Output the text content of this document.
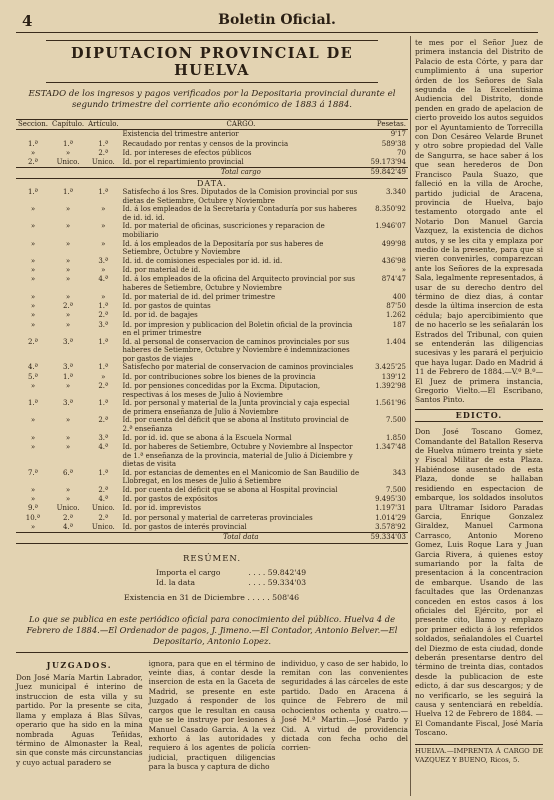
4	Boletin Oficial.
DIPUTACION PROVINCIAL DE HUELVA
ESTADO de los ingresos y pagos verificados por la Depositaria provincial durante el segundo trimestre del corriente año económico de 1883 á 1884.
Seccion.	Capítulo.	Artículo.	CARGO.	Pesetas.
			Existencia del trimestre anterior	9'17
1.ª	1.ª	1.ª	Recaudado por rentas y censos de la provincia	589'38
»	»	2.ª	Id. por intereses de efectos públicos	70
2.ª	Unico.	Unico.	Id. por el repartimiento provincial	59.173'94
			Total cargo	59.842'49
DATA.				
1.ª	1.ª	1.ª	Satisfecho á los Sres. Diputados de la Comision provincial por sus dietas de Setiembre, Octubre y Noviembre	3.340
»	»	»	Id. á los empleados de la Secretaría y Contaduría por sus haberes de id. id. id.	8.350'92
»	»	»	Id. por material de oficinas, suscriciones y reparacion de mobiliario	1.946'07
»	»	»	Id. á los empleados de la Depositaría por sus haberes de Setiembre, Octubre y Noviembre	499'98
»	»	3.ª	Id. id. de comisiones especiales por id. id. id.	436'98
»	»	»	Id. por material de id.	»
»	»	4.ª	Id. á los empleados de la oficina del Arquitecto provincial por sus haberes de Setiembre, Octubre y Noviembre	874'47
»	»	»	Id. por material de id. del primer trimestre	400
»	2.ª	1.ª	Id. por gastos de quintas	87'50
»	»	2.ª	Id. por id. de bagajes	1.262
»	»	3.ª	Id. por impresion y publicacion del Boletin oficial de la provincia en el primer trimestre	187
2.ª	3.ª	1.ª	Id. al personal de conservacion de caminos provinciales por sus haberes de Setiembre, Octubre y Noviembre é indemnizaciones por gastos de viajes	1.404
4.ª	3.ª	1.ª	Satisfecho por material de conservacion de caminos provinciales	3.425'25
5.ª	1.ª	»	Id. por contribuciones sobre los bienes de la provincia	139'12
»	»	2.ª	Id. por pensiones concedidas por la Excma. Diputacion, respectivas á los meses de Julio á Noviembre	1.392'98
1.ª	3.ª	1.ª	Id. por personal y material de la Junta provincial y caja especial de primera enseñanza de Julio á Noviembre	1.561'96
»	»	2.ª	Id. por cuenta del déficit que se abona al Instituto provincial de 2.ª enseñanza	7.500
»	»	3.ª	Id. por id. id. que se abona á la Escuela Normal	1.850
»	»	4.ª	Id. por haberes de Setiembre, Octubre y Noviembre al Inspector de 1.ª enseñanza de la provincia, material de Julio á Diciembre y dietas de visita	1.347'48
7.ª	6.ª	1.ª	Id. por estancias de dementes en el Manicomio de San Baudilio de Llobregat, en los meses de Julio á Setiembre	343
»	»	2.ª	Id. por cuenta del déficit que se abona al Hospital provincial	7.500
»	»	4.ª	Id. por gastos de expósitos	9.495'30
9.ª	Unico.	Unico.	Id. por id. imprevistos	1.197'31
10.ª	2.ª	2.ª	Id. por personal y material de carreteras provinciales	1.014'29
»	4.ª	Unico.	Id. por gastos de interés provincial	3.578'92
			Total data	59.334'03
RESÚMEN.
Importa el cargo	. . . . 59.842'49
Id. la data	. . . . 59.334'03
Existencia en 31 de Diciembre . . . . . 508'46
Lo que se publica en este periódico oficial para conocimiento del público. Huelva 4 de Febrero de 1884.—El Ordenador de pagos, J. Jimeno.—El Contador, Antonio Belver.—El Depositario, Antonio Lopez.
JUZGADOS.

Don José María Martin Labrador, Juez municipal é interino de instruccion de esta villa y su partido. Por la presente se cita, llama y emplaza á Blas Sílvas, operario que ha sido en la mina nombrada Aguas Teñidas, término de Almonaster la Real, sin que conste más circunstancias y cuyo actual paradero se

ignora, para que en el término de veinte dias, á contar desde la insercion de esta en la Gaceta de Madrid, se presente en este Juzgado á responder de los cargos que le resultan en causa que se le instruye por lesiones á Manuel Casado Garcia. A la vez exhorto á las autoridades y requiero á los agentes de policía judicial, practiquen diligencias para la busca y captura de dicho

individuo, y caso de ser habido, lo remitan con las convenientes seguridades á las cárceles de este partido. Dado en Aracena á quince de Febrero de mil ochocientos ochenta y cuatro.—José M.ª Martin.—José Pardo y Cid. A virtud de providencia dictada con fecha ocho del corrien-

te mes por el Señor Juez de primera instancia del Distrito de Palacio de esta Córte, y para dar cumplimiento á una superior órden de los Señores de Sala segunda de la Excelentísima Audiencia del Distrito, donde penden en grado de apelacion de cierto proveido los autos seguidos por el Ayuntamiento de Torrecilla con Don Cesáreo Velarde Brunet y otro sobre propiedad del Valle de Sangurra, se hace saber á los que sean herederos de Don Francisco Paula Suazo, que falleció en la villa de Aroche, partido judicial de Aracena, provincia de Huelva, bajo testamento otorgado ante el Notario Don Manuel Garcia Vazquez, la existencia de dichos autos, y se les cita y emplaza por medio de la presente, para que si vieren convenirles, comparezcan ante los Señores de la expresada Sala, legalmente representados, á usar de su derecho dentro del término de diez dias, á contar desde la última insercion de esta cédula; bajo apercibimiento que de no hacerlo se les señalarán los Estrados del Tribunal, con quien se entenderán las diligencias sucesivas y les parará el perjuicio que haya lugar. Dado en Madrid á 11 de Febrero de 1884.—V.º B.º—El Juez de primera instancia, Gregorio Vielto.—El Escribano, Santos Pinto.

EDICTO.

Don José Toscano Gomez, Comandante del Batallon Reserva de Huelva número treinta y siete y Fiscal Militar de esta Plaza. Habiéndose ausentado de esta Plaza, donde se hallaban residiendo en espectacion de embarque, los soldados insolutos para Ultramar Isidoro Paradas Garcia, Enrique Gonzalez Giraldez, Manuel Carmona Carrasco, Antonio Moreno Gomez, Luis Roque Lara y Juan Garcia Rivera, á quienes estoy sumariando por la falta de presentacion á la concentracion de embarque. Usando de las facultades que las Ordenanzas conceden en estos casos á los oficiales del Ejército, por el presente cito, llamo y emplazo por primer edicto á los referidos soldados, señalandoles el Cuartel del Diezmo de esta ciudad, donde deberán presentarse dentro del término de treinta dias, contados desde la publicacion de este edicto, á dar sus descargos; y de no verificarlo, se les seguirá la causa y sentenciará en rebeldía. Huelva 12 de Febrero de 1884. —El Comandante Fiscal, José María Toscano.

HUELVA.—IMPRENTA Á CARGO DE VAZQUEZ Y BUENO, Ricos, 5.
